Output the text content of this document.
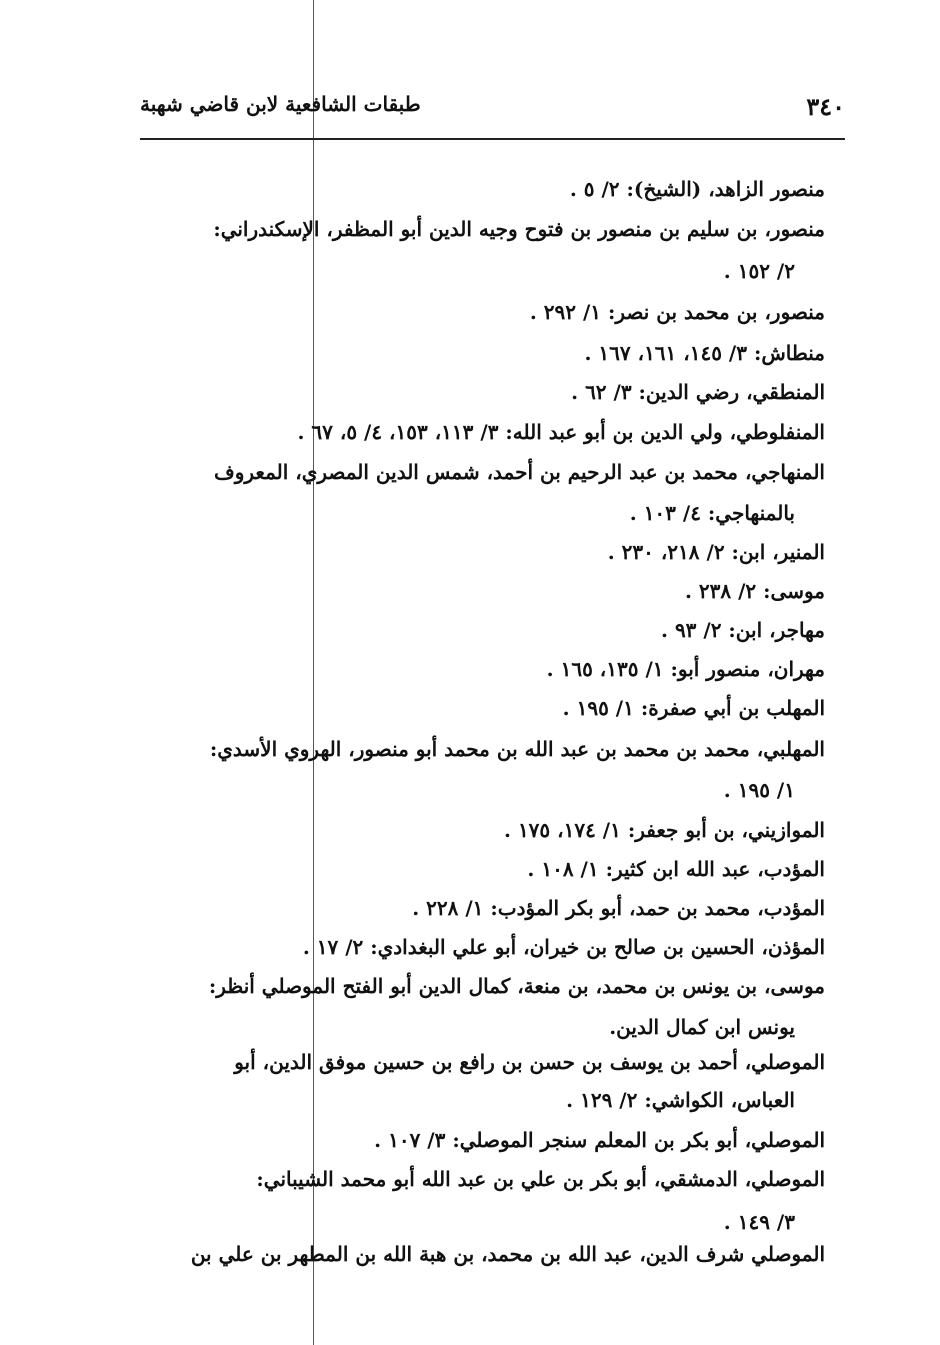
٣٤٠
طبقات الشافعية لابن قاضي شهبة
منصور الزاهد، (الشيخ): ٢/ ٥ .
منصور، بن سليم بن منصور بن فتوح وجيه الدين أبو المظفر، الإسكندراني:
٢/ ١٥٢ .
منصور، بن محمد بن نصر: ١/ ٢٩٢ .
منطاش: ٣/ ١٤٥، ١٦١، ١٦٧ .
المنطقي، رضي الدين: ٣/ ٦٢ .
المنفلوطي، ولي الدين بن أبو عبد الله: ٣/ ١١٣، ١٥٣، ٤/ ٥، ٦٧ .
المنهاجي، محمد بن عبد الرحيم بن أحمد، شمس الدين المصري، المعروف
بالمنهاجي: ٤/ ١٠٣ .
المنير، ابن: ٢/ ٢١٨، ٢٣٠ .
موسى: ٢/ ٢٣٨ .
مهاجر، ابن: ٢/ ٩٣ .
مهران، منصور أبو: ١/ ١٣٥، ١٦٥ .
المهلب بن أبي صفرة: ١/ ١٩٥ .
المهلبي، محمد بن محمد بن عبد الله بن محمد أبو منصور، الهروي الأسدي:
١/ ١٩٥ .
الموازيني، بن أبو جعفر: ١/ ١٧٤، ١٧٥ .
المؤدب، عبد الله ابن كثير: ١/ ١٠٨ .
المؤدب، محمد بن حمد، أبو بكر المؤدب: ١/ ٢٢٨ .
المؤذن، الحسين بن صالح بن خيران، أبو علي البغدادي: ٢/ ١٧ .
موسى، بن يونس بن محمد، بن منعة، كمال الدين أبو الفتح الموصلي أنظر:
يونس ابن كمال الدين.
الموصلي، أحمد بن يوسف بن حسن بن رافع بن حسين موفق الدين، أبو
العباس، الكواشي: ٢/ ١٢٩ .
الموصلي، أبو بكر بن المعلم سنجر الموصلي: ٣/ ١٠٧ .
الموصلي، الدمشقي، أبو بكر بن علي بن عبد الله أبو محمد الشيباني:
٣/ ١٤٩ .
الموصلي شرف الدين، عبد الله بن محمد، بن هبة الله بن المطهر بن علي بن
